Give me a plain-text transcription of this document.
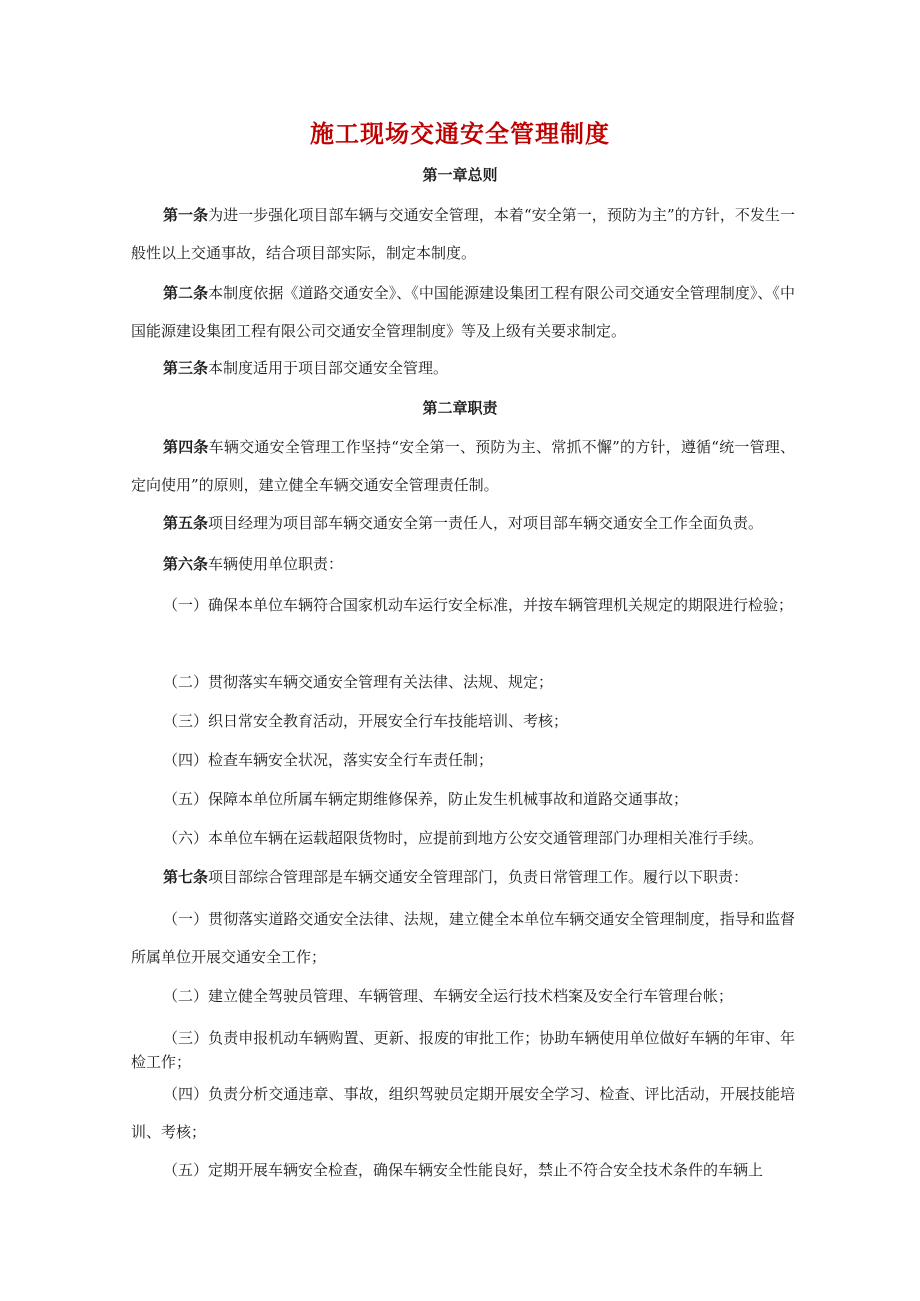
施工现场交通安全管理制度
第一章总则
第一条为进一步强化项目部车辆与交通安全管理，本着“安全第一，预防为主”的方针，不发生一般性以上交通事故，结合项目部实际，制定本制度。
第二条本制度依据《道路交通安全》、《中国能源建设集团工程有限公司交通安全管理制度》、《中国能源建设集团工程有限公司交通安全管理制度》等及上级有关要求制定。
第三条本制度适用于项目部交通安全管理。
第二章职责
第四条车辆交通安全管理工作坚持“安全第一、预防为主、常抓不懈”的方针，遵循“统一管理、定向使用”的原则，建立健全车辆交通安全管理责任制。
第五条项目经理为项目部车辆交通安全第一责任人，对项目部车辆交通安全工作全面负责。
第六条车辆使用单位职责：
（一）确保本单位车辆符合国家机动车运行安全标准，并按车辆管理机关规定的期限进行检验；
（二）贯彻落实车辆交通安全管理有关法律、法规、规定；
（三）织日常安全教育活动，开展安全行车技能培训、考核；
（四）检查车辆安全状况，落实安全行车责任制；
（五）保障本单位所属车辆定期维修保养，防止发生机械事故和道路交通事故；
（六）本单位车辆在运载超限货物时，应提前到地方公安交通管理部门办理相关准行手续。
第七条项目部综合管理部是车辆交通安全管理部门，负责日常管理工作。履行以下职责：
（一）贯彻落实道路交通安全法律、法规，建立健全本单位车辆交通安全管理制度，指导和监督所属单位开展交通安全工作；
（二）建立健全驾驶员管理、车辆管理、车辆安全运行技术档案及安全行车管理台帐；
（三）负责申报机动车辆购置、更新、报废的审批工作；协助车辆使用单位做好车辆的年审、年检工作；
（四）负责分析交通违章、事故，组织驾驶员定期开展安全学习、检查、评比活动，开展技能培训、考核；
（五）定期开展车辆安全检查，确保车辆安全性能良好，禁止不符合安全技术条件的车辆上
